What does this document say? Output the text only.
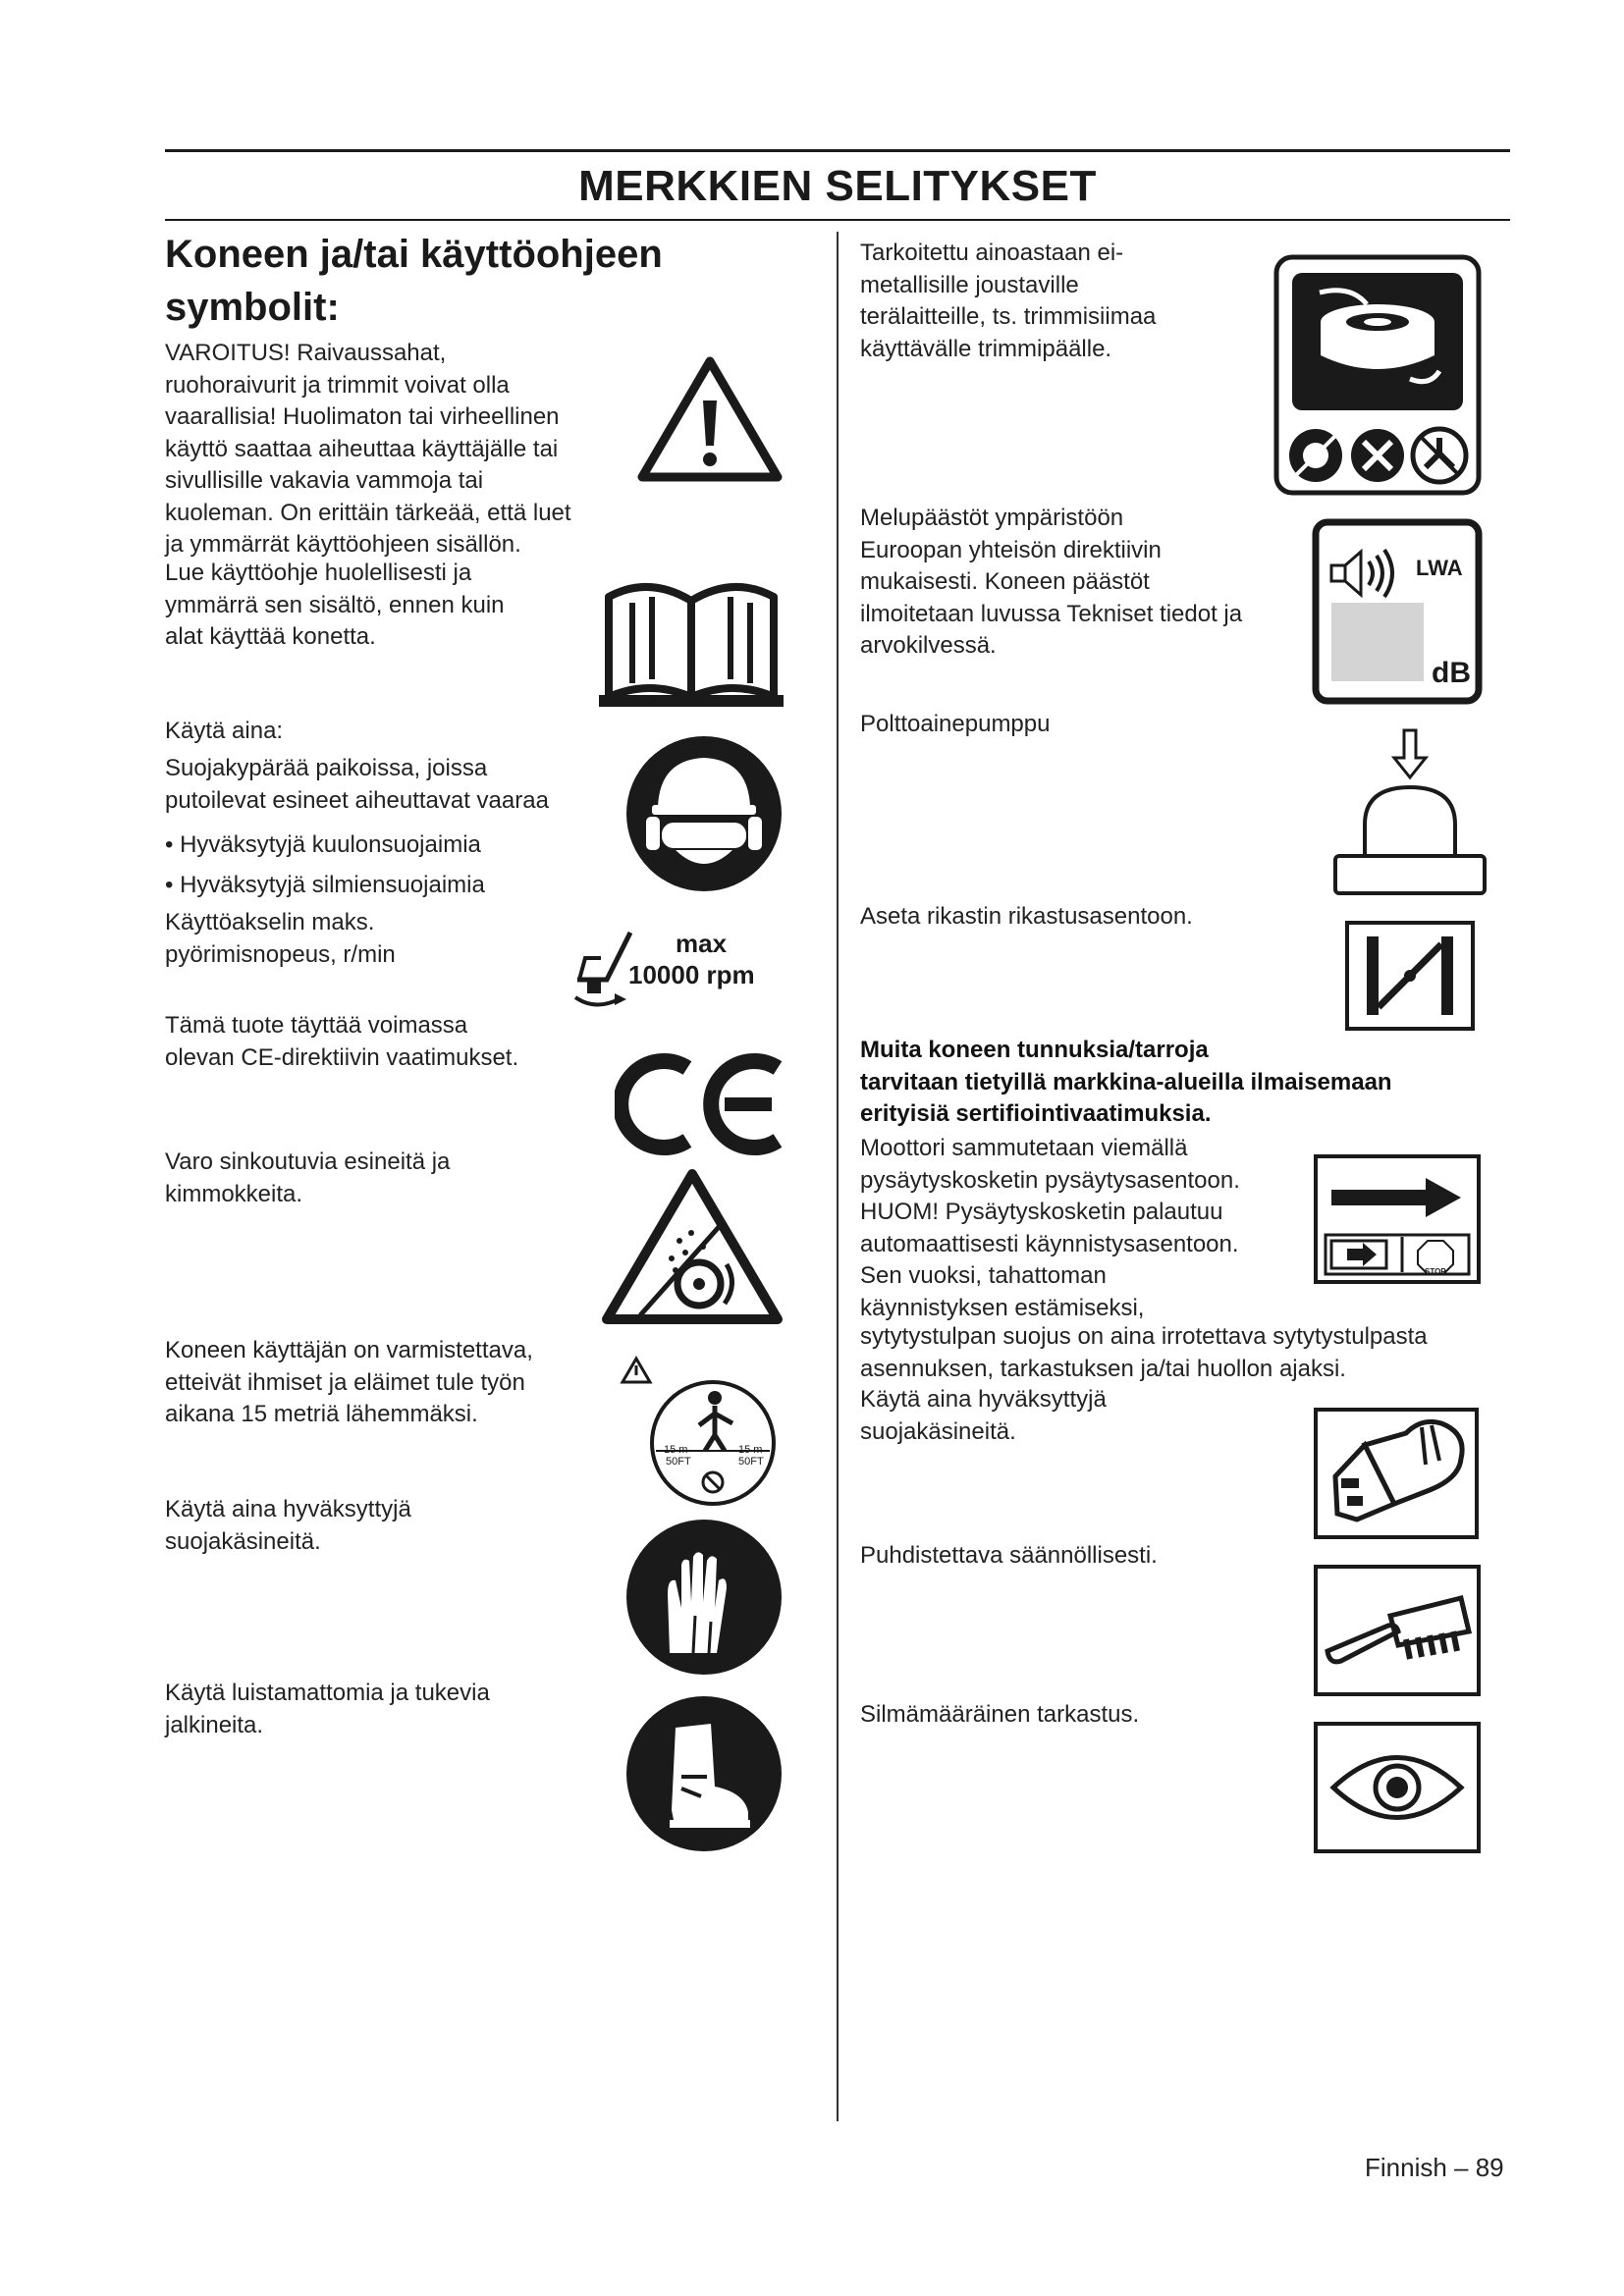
MERKKIEN SELITYKSET
Koneen ja/tai käyttöohjeen
symbolit:
VAROITUS! Raivaussahat,
ruohoraivurit ja trimmit voivat olla
vaarallisia! Huolimaton tai virheellinen
käyttö saattaa aiheuttaa käyttäjälle tai
sivullisille vakavia vammoja tai
kuoleman. On erittäin tärkeää, että luet
ja ymmärrät käyttöohjeen sisällön.
Lue käyttöohje huolellisesti ja
ymmärrä sen sisältö, ennen kuin
alat käyttää konetta.
Käytä aina:
Suojakypärää paikoissa, joissa
putoilevat esineet aiheuttavat vaaraa
• Hyväksytyjä kuulonsuojaimia
• Hyväksytyjä silmiensuojaimia
Käyttöakselin maks.
pyörimisnopeus, r/min	max
10000 rpm
Tämä tuote täyttää voimassa
olevan CE-direktiivin vaatimukset.
Varo sinkoutuvia esineitä ja
kimmokkeita.
Koneen käyttäjän on varmistettava,
etteivät ihmiset ja eläimet tule työn
aikana 15 metriä lähemmäksi.
15 m
50FT
15 m
50FT
Käytä aina hyväksyttyjä
suojakäsineitä.
Käytä luistamattomia ja tukevia
jalkineita.
Tarkoitettu ainoastaan ei-
metallisille joustaville
terälaitteille, ts. trimmisiimaa
käyttävälle trimmipäälle.
Melupäästöt ympäristöön
Euroopan yhteisön direktiivin
mukaisesti. Koneen päästöt
ilmoitetaan luvussa Tekniset tiedot ja
arvokilvessä.
LWA
dB
Polttoainepumppu
Aseta rikastin rikastusasentoon.
Muita koneen tunnuksia/tarroja
tarvitaan tietyillä markkina-alueilla ilmaisemaan
erityisiä sertifiointivaatimuksia.
Moottori sammutetaan viemällä
pysäytyskosketin pysäytysasentoon.
HUOM! Pysäytyskosketin palautuu
automaattisesti käynnistysasentoon.
Sen vuoksi, tahattoman
käynnistyksen estämiseksi,
STOP
sytytystulpan suojus on aina irrotettava sytytystulpasta
asennuksen, tarkastuksen ja/tai huollon ajaksi.
Käytä aina hyväksyttyjä
suojakäsineitä.
Puhdistettava säännöllisesti.
Silmämääräinen tarkastus.
Finnish – 89
